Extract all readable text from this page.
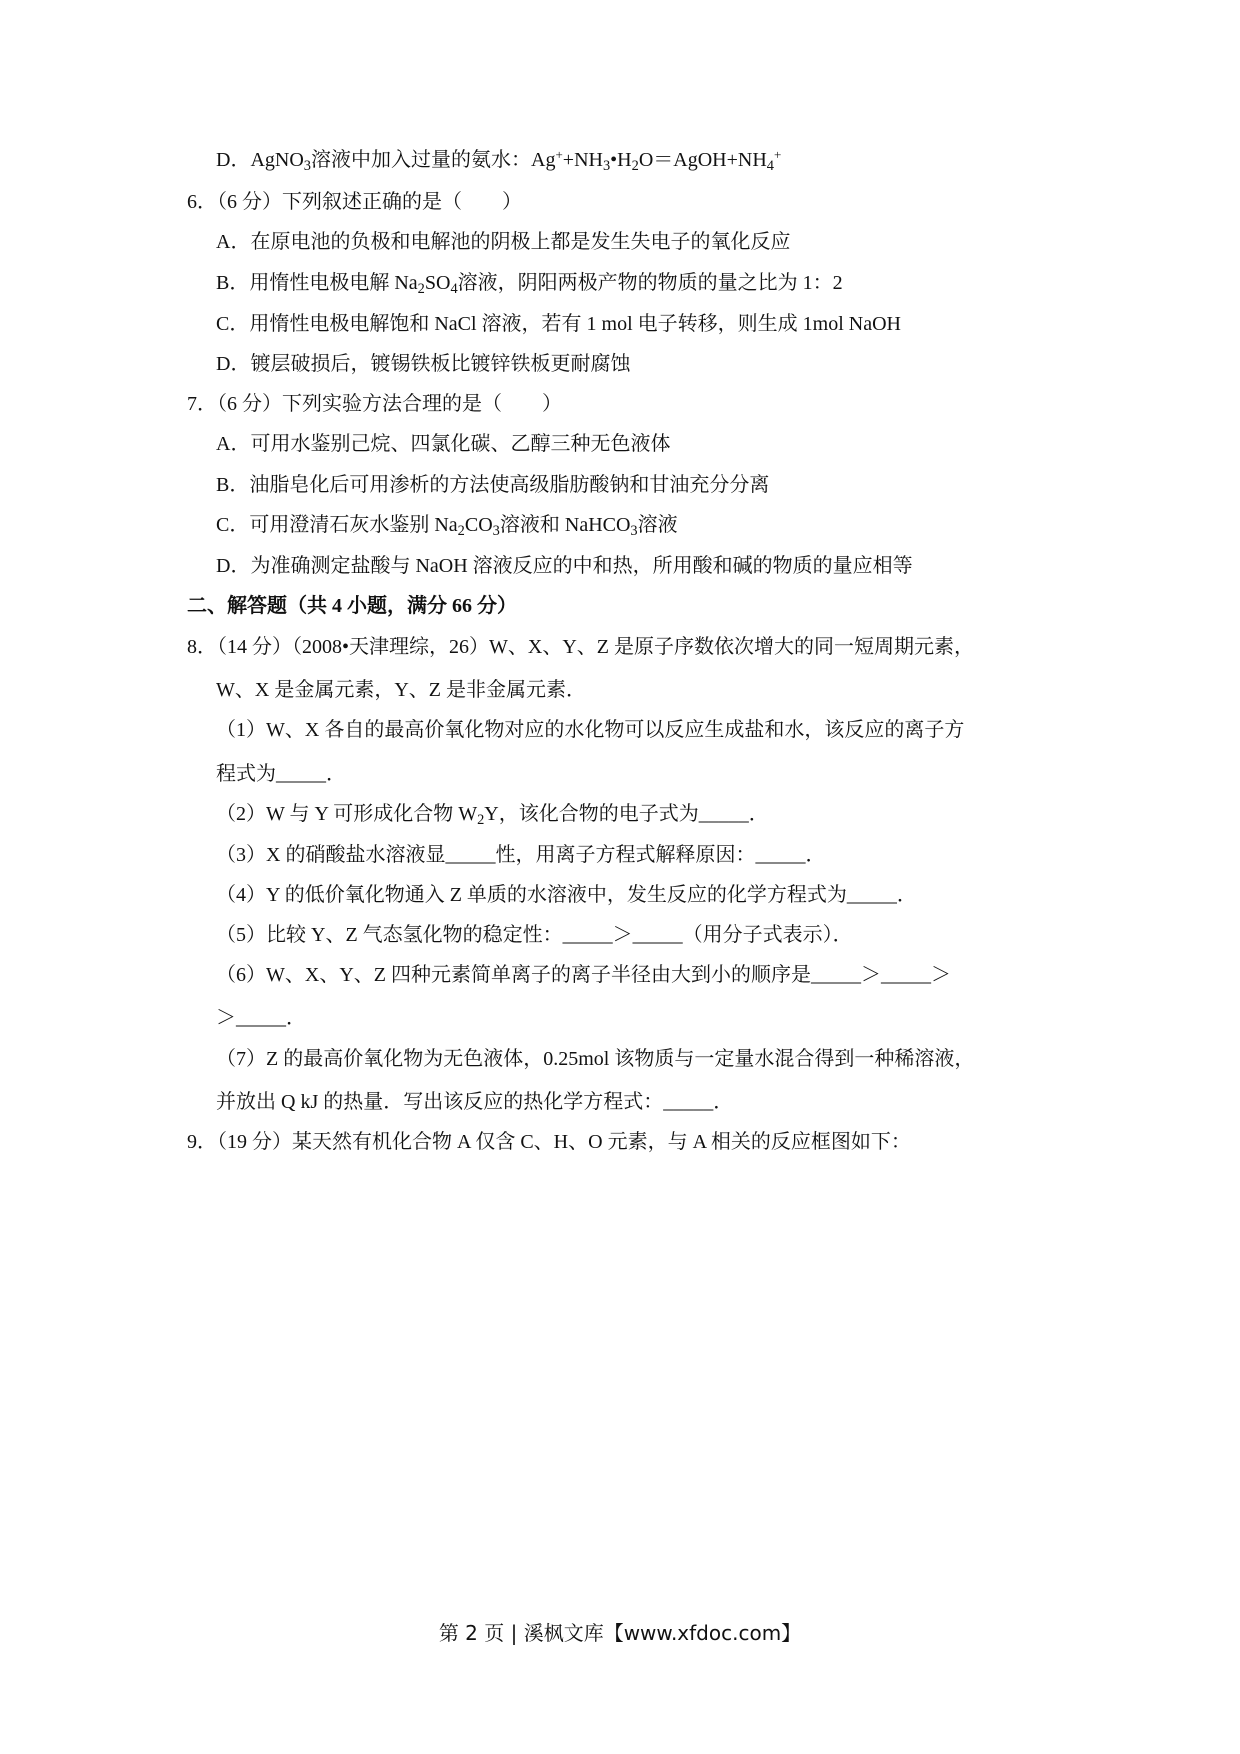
D．AgNO$_3$溶液中加入过量的氨水：$Ag^++NH_3•H_2O=AgOH+NH_4^+$
6．（6 分）下列叙述正确的是（　　）
A．在原电池的负极和电解池的阴极上都是发生失电子的氧化反应
B．用惰性电极电解 $Na_2SO_4$溶液，阴阳两极产物的物质的量之比为 1：2
C．用惰性电极电解饱和 NaCl 溶液，若有 1 mol 电子转移，则生成 1mol NaOH
D．镀层破损后，镀锡铁板比镀锌铁板更耐腐蚀
7．（6 分）下列实验方法合理的是（　　）
A．可用水鉴别己烷、四氯化碳、乙醇三种无色液体
B．油脂皂化后可用渗析的方法使高级脂肪酸钠和甘油充分分离
C．可用澄清石灰水鉴别 $Na_2CO_3$溶液和 NaHCO$_3$溶液
D．为准确测定盐酸与 NaOH 溶液反应的中和热，所用酸和碱的物质的量应相等
二、解答题（共 4 小题，满分 66 分）
8．（14 分）（2008•天津理综，26）W、X、Y、Z 是原子序数依次增大的同一短周期元素，
W、X 是金属元素，Y、Z 是非金属元素．
（1）W、X 各自的最高价氧化物对应的水化物可以反应生成盐和水，该反应的离子方
程式为_____．
（2）W 与 Y 可形成化合物 $W_2Y$，该化合物的电子式为_____．
（3）X 的硝酸盐水溶液显_____性，用离子方程式解释原因：_____．
（4）Y 的低价氧化物通入 Z 单质的水溶液中，发生反应的化学方程式为_____．
（5）比较 Y、Z 气态氢化物的稳定性：_____＞_____（用分子式表示）．
（6）W、X、Y、Z 四种元素简单离子的离子半径由大到小的顺序是_____＞_____＞
＞_____．
（7）Z 的最高价氧化物为无色液体，0.25mol 该物质与一定量水混合得到一种稀溶液，
并放出 Q kJ 的热量．写出该反应的热化学方程式：_____．
9．（19 分）某天然有机化合物 A 仅含 C、H、O 元素，与 A 相关的反应框图如下：
第 2 页 | 溪枫文库【www.xfdoc.com】
